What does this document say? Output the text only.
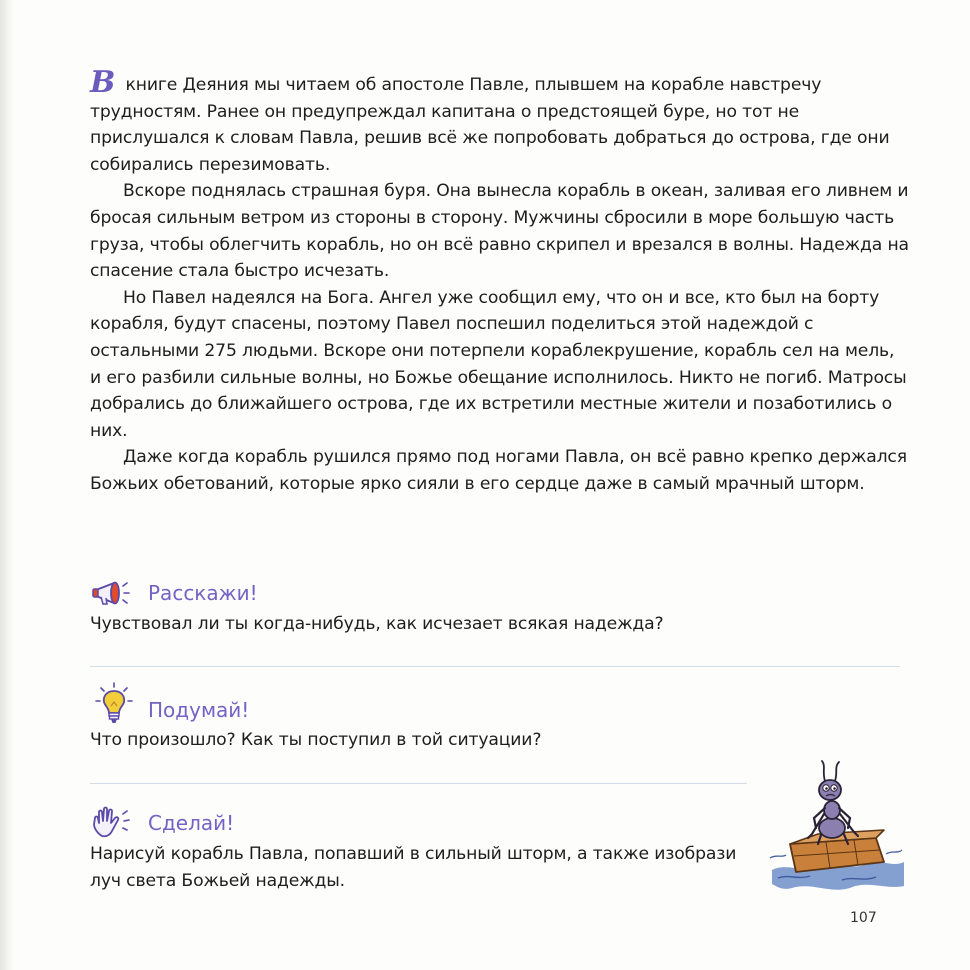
В книге Деяния мы читаем об апостоле Павле, плывшем на корабле навстречу трудностям. Ранее он предупреждал капитана о предстоящей буре, но тот не прислушался к словам Павла, решив всё же попробовать добраться до острова, где они собирались перезимовать.

Вскоре поднялась страшная буря. Она вынесла корабль в океан, заливая его ливнем и бросая сильным ветром из стороны в сторону. Мужчины сбросили в море большую часть груза, чтобы облегчить корабль, но он всё равно скрипел и врезался в волны. Надежда на спасение стала быстро исчезать.

Но Павел надеялся на Бога. Ангел уже сообщил ему, что он и все, кто был на борту корабля, будут спасены, поэтому Павел поспешил поделиться этой надеждой с остальными 275 людьми. Вскоре они потерпели кораблекрушение, корабль сел на мель, и его разбили сильные волны, но Божье обещание исполнилось. Никто не погиб. Матросы добрались до ближайшего острова, где их встретили местные жители и позаботились о них.

Даже когда корабль рушился прямо под ногами Павла, он всё равно крепко держался Божьих обетований, которые ярко сияли в его сердце даже в самый мрачный шторм.

Расскажи!
Чувствовал ли ты когда-нибудь, как исчезает всякая надежда?
Подумай!
Что произошло? Как ты поступил в той ситуации?
Сделай!
Нарисуй корабль Павла, попавший в сильный шторм, а также изобрази луч света Божьей надежды.
107
